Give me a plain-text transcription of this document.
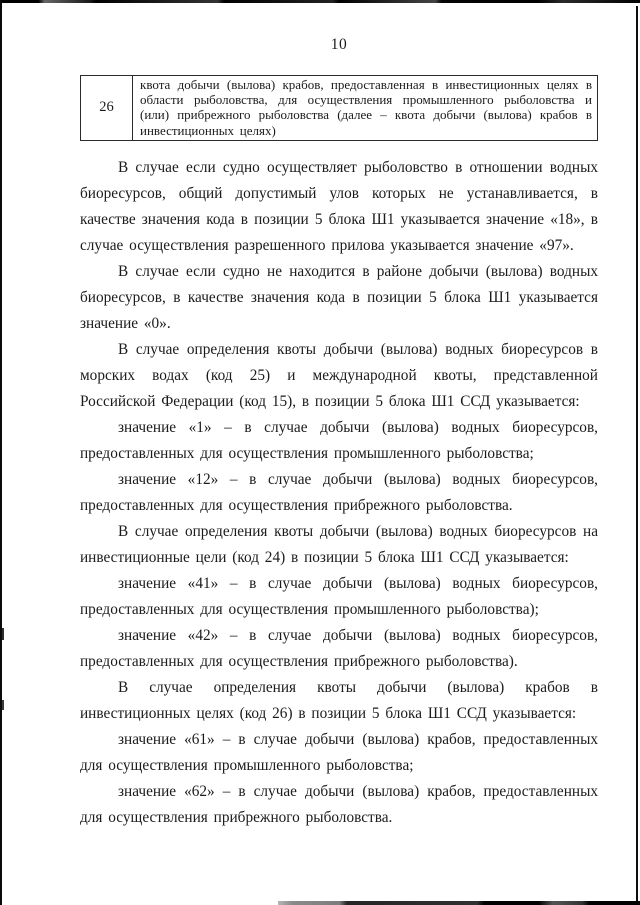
10
26	квота добычи (вылова) крабов, предоставленная в инвестиционных целях в области рыболовства, для осуществления промышленного рыболовства и (или) прибрежного рыболовства (далее – квота добычи (вылова) крабов в инвестиционных целях)
В случае если судно осуществляет рыболовство в отношении водных биоресурсов, общий допустимый улов которых не устанавливается, в качестве значения кода в позиции 5 блока Ш1 указывается значение «18», в случае осуществления разрешенного прилова указывается значение «97».
В случае если судно не находится в районе добычи (вылова) водных биоресурсов, в качестве значения кода в позиции 5 блока Ш1 указывается значение «0».
В случае определения квоты добычи (вылова) водных биоресурсов в морских водах (код 25) и международной квоты, представленной Российской Федерации (код 15), в позиции 5 блока Ш1 ССД указывается:
значение «1» – в случае добычи (вылова) водных биоресурсов, предоставленных для осуществления промышленного рыболовства;
значение «12» – в случае добычи (вылова) водных биоресурсов, предоставленных для осуществления прибрежного рыболовства.
В случае определения квоты добычи (вылова) водных биоресурсов на инвестиционные цели (код 24) в позиции 5 блока Ш1 ССД указывается:
значение «41» – в случае добычи (вылова) водных биоресурсов, предоставленных для осуществления промышленного рыболовства);
значение «42» – в случае добычи (вылова) водных биоресурсов, предоставленных для осуществления прибрежного рыболовства).
В случае определения квоты добычи (вылова) крабов в инвестиционных целях (код 26) в позиции 5 блока Ш1 ССД указывается:
значение «61» – в случае добычи (вылова) крабов, предоставленных для осуществления промышленного рыболовства;
значение «62» – в случае добычи (вылова) крабов, предоставленных для осуществления прибрежного рыболовства.
